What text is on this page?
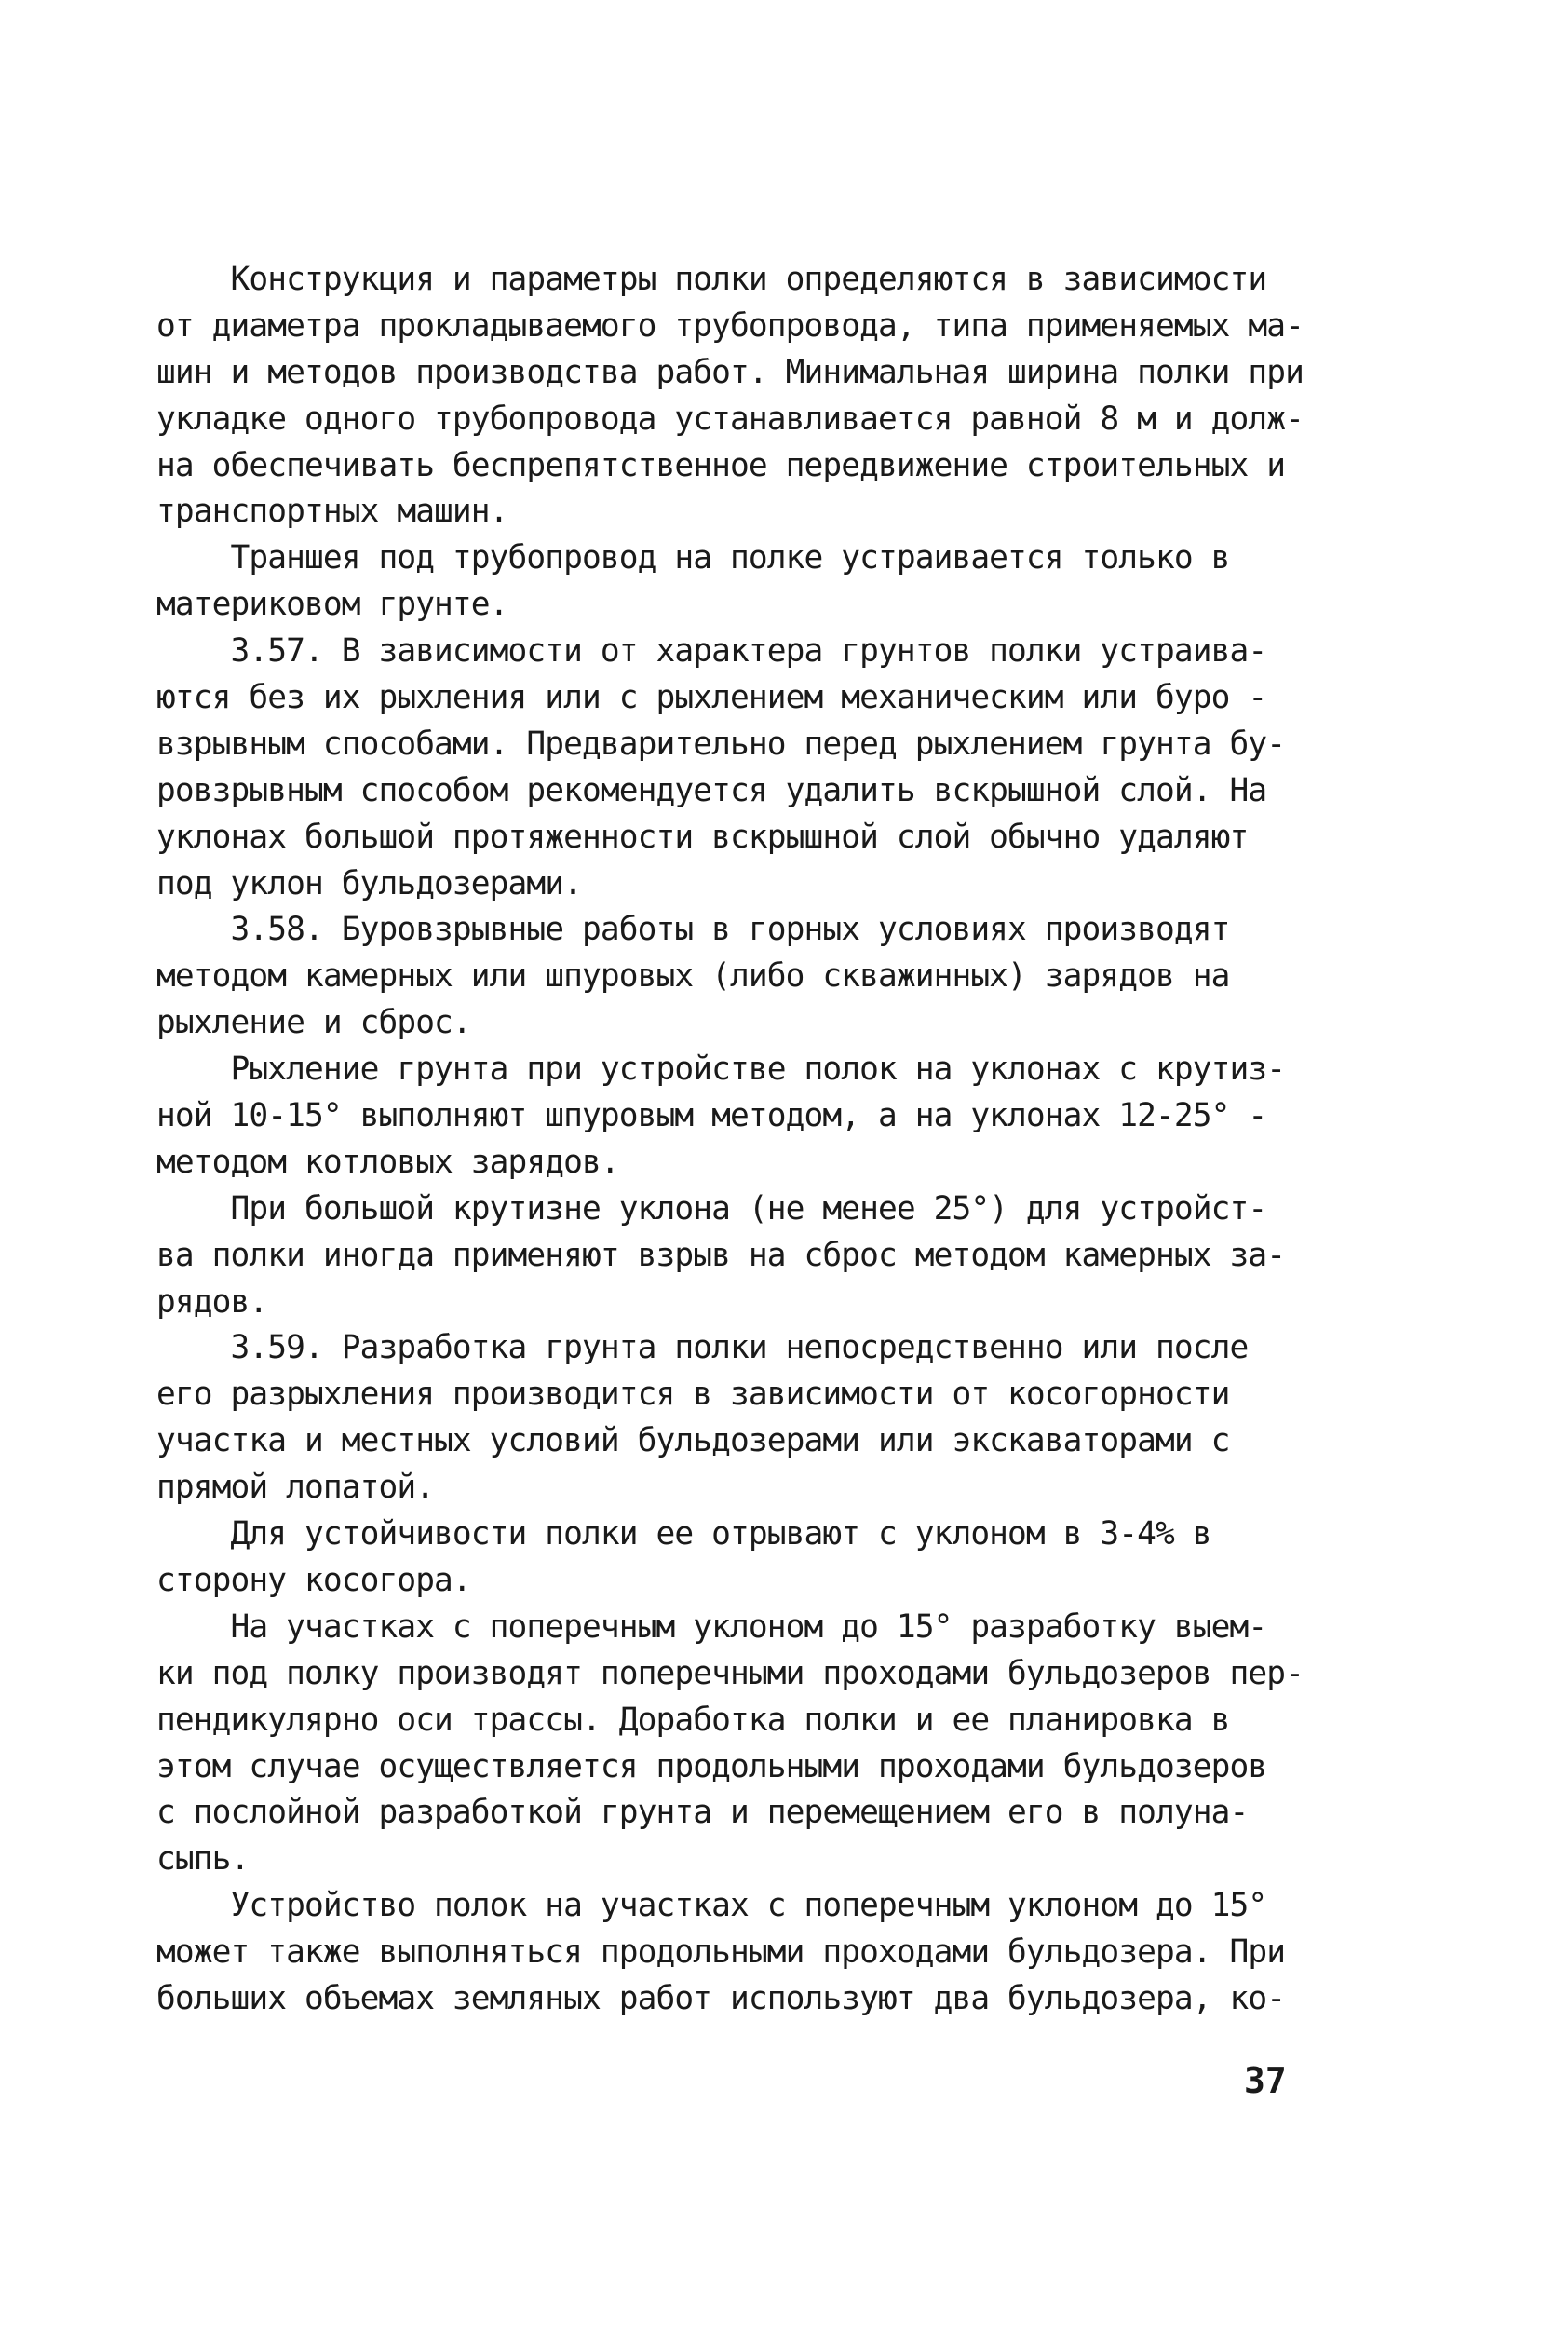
Конструкция и параметры полки определяются в зависимости
от диаметра прокладываемого трубопровода, типа применяемых ма-
шин и методов производства работ. Минимальная ширина полки при
укладке одного трубопровода устанавливается равной 8 м и долж-
на обеспечивать беспрепятственное передвижение строительных и
транспортных машин.
Траншея под трубопровод на полке устраивается только в
материковом грунте.
3.57. В зависимости от характера грунтов полки устраива-
ются без их рыхления или с рыхлением механическим или буро -
взрывным способами. Предварительно перед рыхлением грунта бу-
ровзрывным способом рекомендуется удалить вскрышной слой. На
уклонах большой протяженности вскрышной слой обычно удаляют
под уклон бульдозерами.
3.58. Буровзрывные работы в горных условиях производят
методом камерных или шпуровых (либо скважинных) зарядов на
рыхление и сброс.
Рыхление грунта при устройстве полок на уклонах с крутиз-
ной 10-15° выполняют шпуровым методом, а на уклонах 12-25° -
методом котловых зарядов.
При большой крутизне уклона (не менее 25°) для устройст-
ва полки иногда применяют взрыв на сброс методом камерных за-
рядов.
3.59. Разработка грунта полки непосредственно или после
его разрыхления производится в зависимости от косогорности
участка и местных условий бульдозерами или экскаваторами с
прямой лопатой.
Для устойчивости полки ее отрывают с уклоном в 3-4% в
сторону косогора.
На участках с поперечным уклоном до 15° разработку выем-
ки под полку производят поперечными проходами бульдозеров пер-
пендикулярно оси трассы. Доработка полки и ее планировка в
этом случае осуществляется продольными проходами бульдозеров
с послойной разработкой грунта и перемещением его в полуна-
сыпь.
Устройство полок на участках с поперечным уклоном до 15°
может также выполняться продольными проходами бульдозера. При
больших объемах земляных работ используют два бульдозера, ко-
37
